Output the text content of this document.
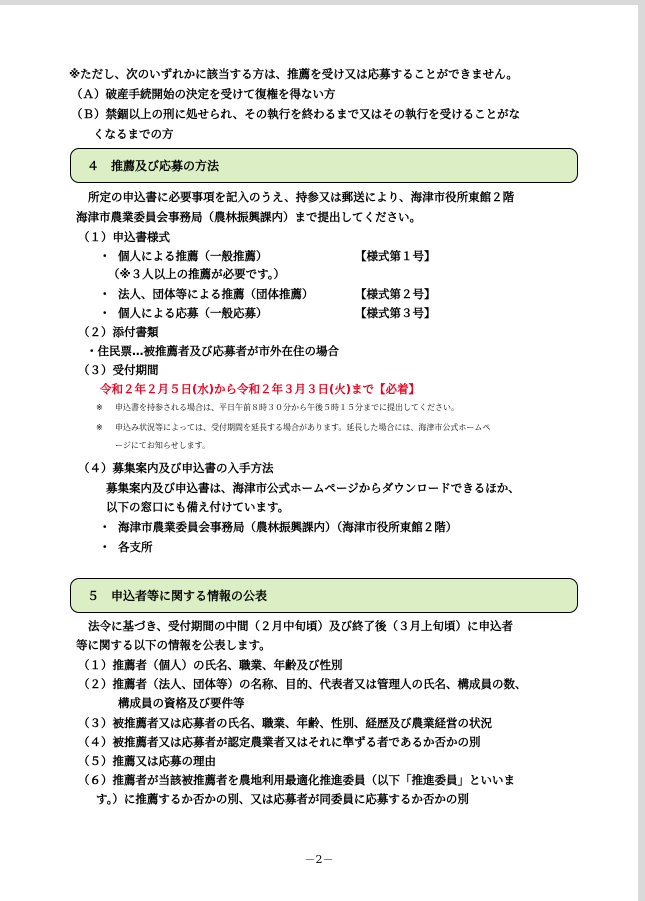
※ただし、次のいずれかに該当する方は、推薦を受け又は応募することができません。
（Ａ）破産手続開始の決定を受けて復権を得ない方
（Ｂ）禁錮以上の刑に処せられ、その執行を終わるまで又はその執行を受けることがな
くなるまでの方
４　推薦及び応募の方法
所定の申込書に必要事項を記入のうえ、持参又は郵送により、海津市役所東館２階
海津市農業委員会事務局（農林振興課内）まで提出してください。
（１）申込書様式
・ 個人による推薦（一般推薦）	【様式第１号】
（※３人以上の推薦が必要です。）
・ 法人、団体等による推薦（団体推薦）	【様式第２号】
・ 個人による応募（一般応募）	【様式第３号】
（２）添付書類
・住民票…被推薦者及び応募者が市外在住の場合
（３）受付期間
令和２年２月５日(水)から令和２年３月３日(火)まで【必着】
※ 申込書を持参される場合は、平日午前８時３０分から午後５時１５分までに提出してください。
※ 申込み状況等によっては、受付期間を延長する場合があります。延長した場合には、海津市公式ホームペ
ージにてお知らせします。
（４）募集案内及び申込書の入手方法
募集案内及び申込書は、海津市公式ホームページからダウンロードできるほか、
以下の窓口にも備え付けています。
・ 海津市農業委員会事務局（農林振興課内）（海津市役所東館２階）
・ 各支所
５　申込者等に関する情報の公表
法令に基づき、受付期間の中間（２月中旬頃）及び終了後（３月上旬頃）に申込者
等に関する以下の情報を公表します。
（１）推薦者（個人）の氏名、職業、年齢及び性別
（２）推薦者（法人、団体等）の名称、目的、代表者又は管理人の氏名、構成員の数、
構成員の資格及び要件等
（３）被推薦者又は応募者の氏名、職業、年齢、性別、経歴及び農業経営の状況
（４）被推薦者又は応募者が認定農業者又はそれに準ずる者であるか否かの別
（５）推薦又は応募の理由
（６）推薦者が当該被推薦者を農地利用最適化推進委員（以下「推進委員」といいま
す。）に推薦するか否かの別、又は応募者が同委員に応募するか否かの別
－2－
